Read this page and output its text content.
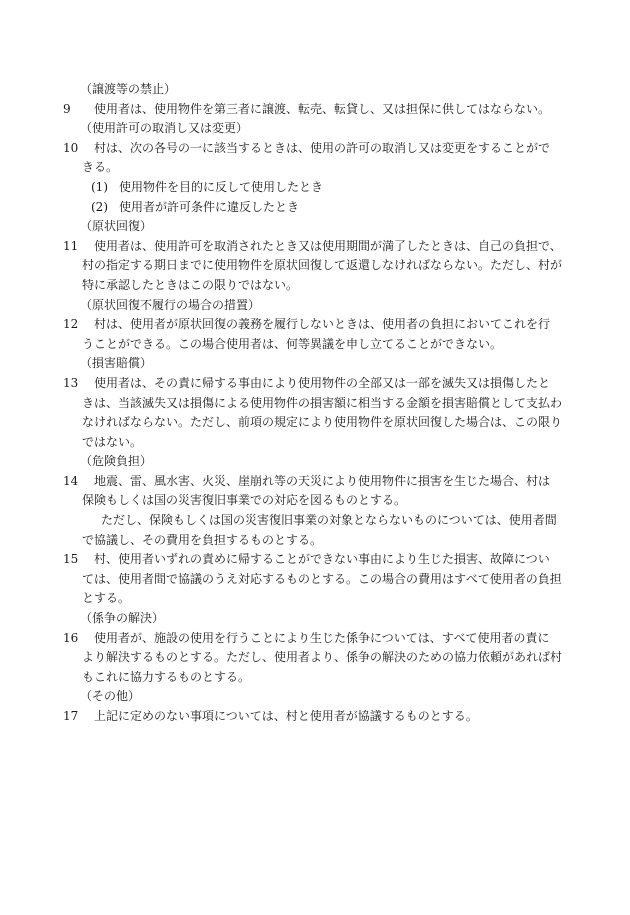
（譲渡等の禁止）
9 使用者は、使用物件を第三者に譲渡、転売、転貸し、又は担保に供してはならない。
（使用許可の取消し又は変更）
10 村は、次の各号の一に該当するときは、使用の許可の取消し又は変更をすることがで
きる。
(1) 使用物件を目的に反して使用したとき
(2) 使用者が許可条件に違反したとき
（原状回復）
11 使用者は、使用許可を取消されたとき又は使用期間が満了したときは、自己の負担で、
村の指定する期日までに使用物件を原状回復して返還しなければならない。ただし、村が
特に承認したときはこの限りではない。
（原状回復不履行の場合の措置）
12 村は、使用者が原状回復の義務を履行しないときは、使用者の負担においてこれを行
うことができる。この場合使用者は、何等異議を申し立てることができない。
（損害賠償）
13 使用者は、その責に帰する事由により使用物件の全部又は一部を滅失又は損傷したと
きは、当該滅失又は損傷による使用物件の損害額に相当する金額を損害賠償として支払わ
なければならない。ただし、前項の規定により使用物件を原状回復した場合は、この限り
ではない。
（危険負担）
14 地震、雷、風水害、火災、崖崩れ等の天災により使用物件に損害を生じた場合、村は
保険もしくは国の災害復旧事業での対応を図るものとする。
ただし、保険もしくは国の災害復旧事業の対象とならないものについては、使用者間
で協議し、その費用を負担するものとする。
15 村、使用者いずれの責めに帰することができない事由により生じた損害、故障につい
ては、使用者間で協議のうえ対応するものとする。この場合の費用はすべて使用者の負担
とする。
（係争の解決）
16 使用者が、施設の使用を行うことにより生じた係争については、すべて使用者の責に
より解決するものとする。ただし、使用者より、係争の解決のための協力依頼があれば村
もこれに協力するものとする。
（その他）
17 上記に定めのない事項については、村と使用者が協議するものとする。
